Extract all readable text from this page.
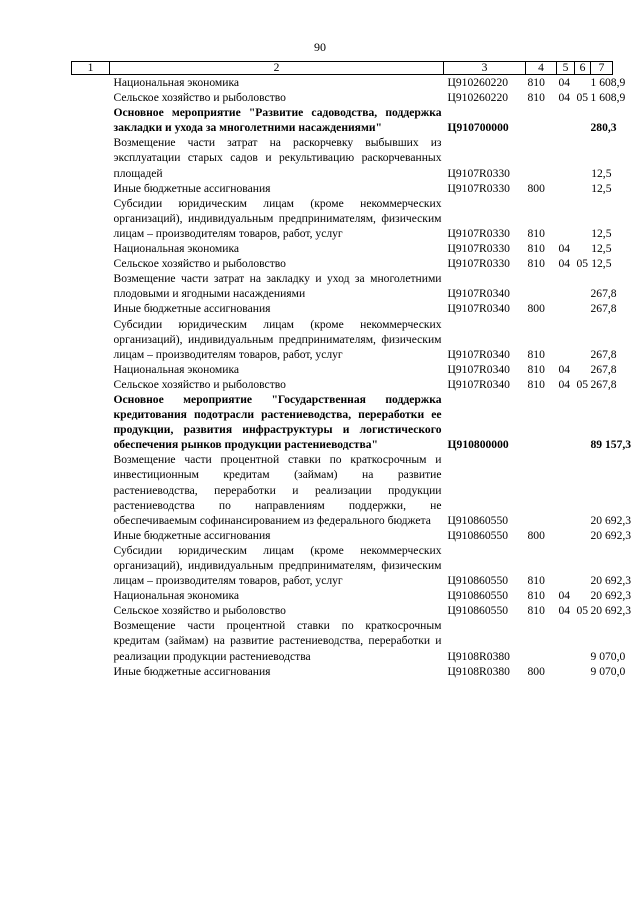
90
1	2	3	4	5	6	7
	Национальная экономика	Ц910260220	810	04		1 608,9
	Сельское хозяйство и рыболовство	Ц910260220	810	04	05	1 608,9
	Основное мероприятие "Развитие садоводства, поддержка закладки и ухода за многолетними насаждениями"	Ц910700000				280,3
	Возмещение части затрат на раскорчевку выбывших из эксплуатации старых садов и рекультивацию раскорчеванных площадей	Ц9107R0330				12,5
	Иные бюджетные ассигнования	Ц9107R0330	800			12,5
	Субсидии юридическим лицам (кроме некоммерческих организаций), индивидуальным предпринимателям, физическим лицам – производителям товаров, работ, услуг	Ц9107R0330	810			12,5
	Национальная экономика	Ц9107R0330	810	04		12,5
	Сельское хозяйство и рыболовство	Ц9107R0330	810	04	05	12,5
	Возмещение части затрат на закладку и уход за многолетними плодовыми и ягодными насаждениями	Ц9107R0340				267,8
	Иные бюджетные ассигнования	Ц9107R0340	800			267,8
	Субсидии юридическим лицам (кроме некоммерческих организаций), индивидуальным предпринимателям, физическим лицам – производителям товаров, работ, услуг	Ц9107R0340	810			267,8
	Национальная экономика	Ц9107R0340	810	04		267,8
	Сельское хозяйство и рыболовство	Ц9107R0340	810	04	05	267,8
	Основное мероприятие "Государственная поддержка кредитования подотрасли растениеводства, переработки ее продукции, развития инфраструктуры и логистического обеспечения рынков продукции растениеводства"	Ц910800000				89 157,3
	Возмещение части процентной ставки по краткосрочным и инвестиционным кредитам (займам) на развитие растениеводства, переработки и реализации продукции растениеводства по направлениям поддержки, не обеспечиваемым софинансированием из федерального бюджета	Ц910860550				20 692,3
	Иные бюджетные ассигнования	Ц910860550	800			20 692,3
	Субсидии юридическим лицам (кроме некоммерческих организаций), индивидуальным предпринимателям, физическим лицам – производителям товаров, работ, услуг	Ц910860550	810			20 692,3
	Национальная экономика	Ц910860550	810	04		20 692,3
	Сельское хозяйство и рыболовство	Ц910860550	810	04	05	20 692,3
	Возмещение части процентной ставки по краткосрочным кредитам (займам) на развитие растениеводства, переработки и реализации продукции растениеводства	Ц9108R0380				9 070,0
	Иные бюджетные ассигнования	Ц9108R0380	800			9 070,0
